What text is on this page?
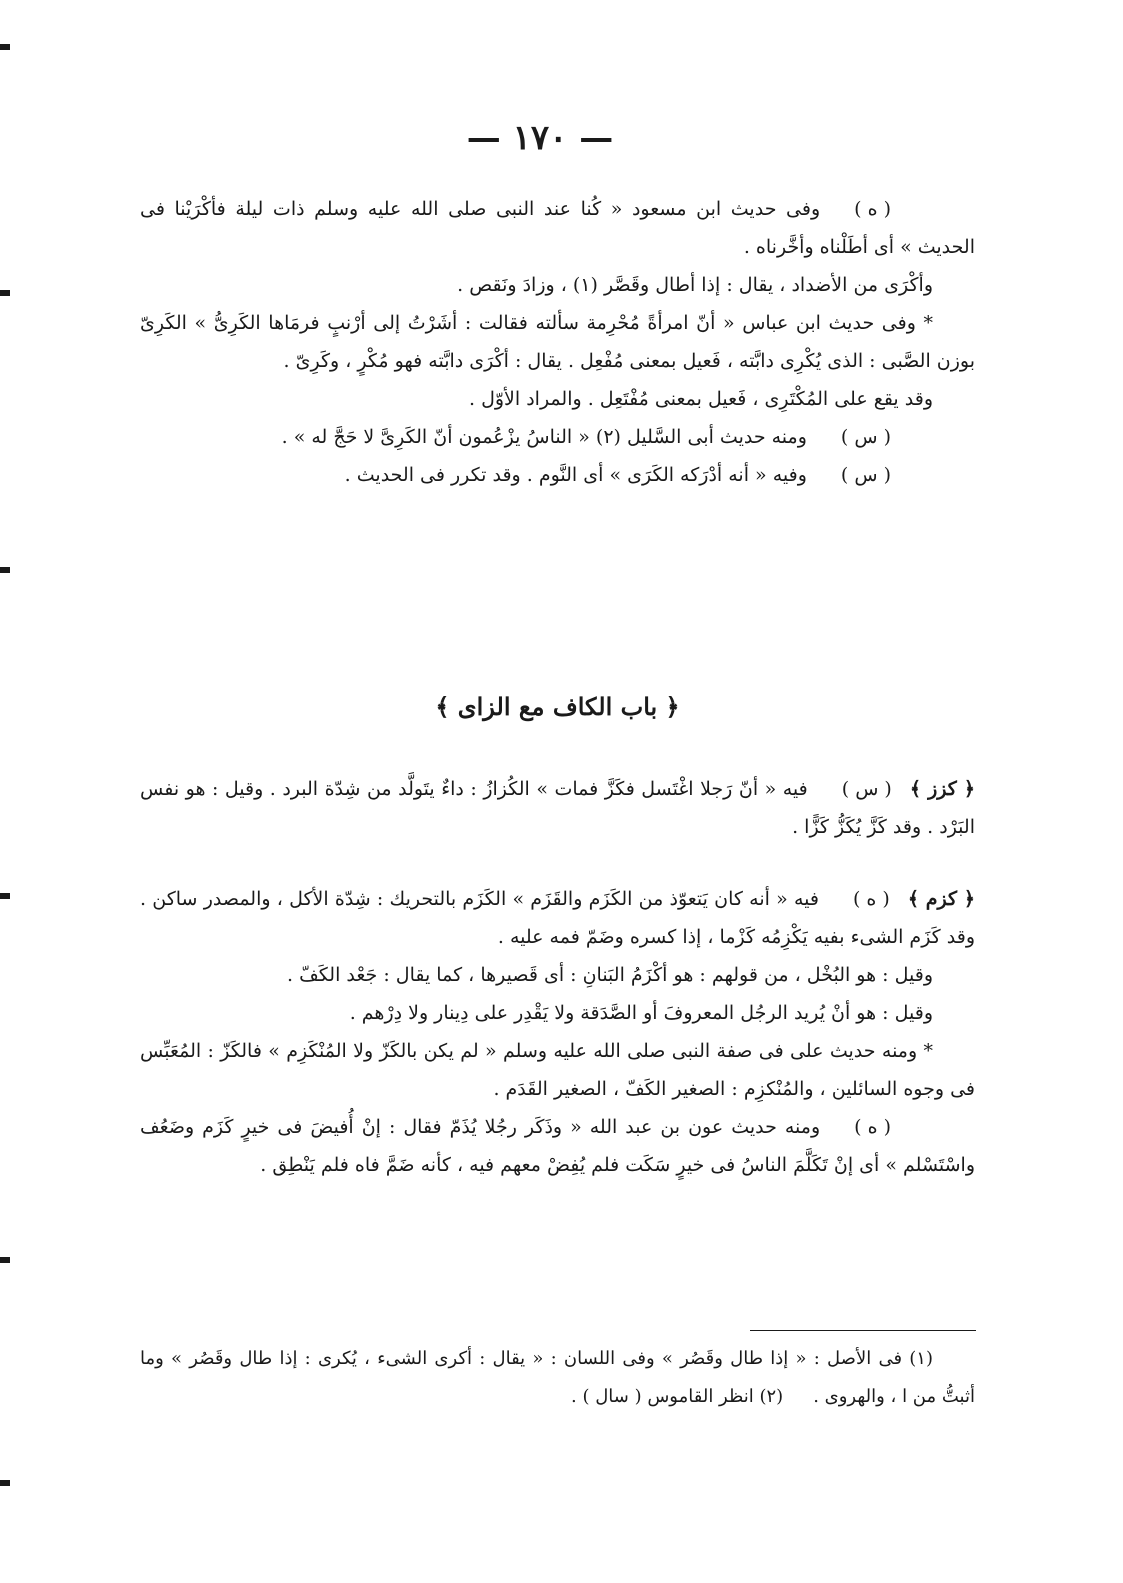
— ١٧٠ —

( ه )وفى حديث ابن مسعود « كُنا عند النبى صلى الله عليه وسلم ذات ليلة فأكْرَيْنا فى الحديث » أى أطَلْناه وأخَّرناه .

وأكْرَى من الأضداد ، يقال : إذا أطال وقَصَّر (١) ، وزادَ ونَقص .

* وفى حديث ابن عباس « أنّ امرأةً مُحْرِمة سألته فقالت : أشَرْتُ إلى أرْنبٍ فرمَاها الكَرِىُّ » الكَرِىّ بوزن الصَّبى : الذى يُكْرِى دابَّته ، فَعيل بمعنى مُفْعِل . يقال : أكْرَى دابَّته فهو مُكْرٍ ، وكَرِىّ .

وقد يقع على المُكْتَرِى ، فَعيل بمعنى مُفْتَعِل . والمراد الأوّل .

( س )ومنه حديث أبى السَّليل (٢) « الناسُ يزْعُمون أنّ الكَرِىَّ لا حَجَّ له » .

( س )وفيه « أنه أدْرَكه الكَرَى » أى النَّوم . وقد تكرر فى الحديث .

﴿ باب الكاف مع الزاى ﴾

﴿ كزز ﴾( س )فيه « أنّ رَجلا اغْتَسل فكَزَّ فمات » الكُزازُ : داءٌ يتَولَّد من شِدّة البرد . وقيل : هو نفس البَرْد . وقد كَزَّ يُكَزُّ كَزًّا .

﴿ كزم ﴾( ه )فيه « أنه كان يَتعوّذ من الكَزَم والقَزَم » الكَزَم بالتحريك : شِدّة الأكل ، والمصدر ساكن . وقد كَزَم الشىء بفيه يَكْزِمُه كَزْما ، إذا كسره وضَمّ فمه عليه .

وقيل : هو البُخْل ، من قولهم : هو أكْزَمُ البَنانِ : أى قَصيرها ، كما يقال : جَعْد الكَفّ .

وقيل : هو أنْ يُريد الرجُل المعروفَ أو الصَّدَقة ولا يَقْدِر على دِينار ولا دِرْهم .

* ومنه حديث على فى صفة النبى صلى الله عليه وسلم « لم يكن بالكَزّ ولا المُنْكَزِم » فالكَزّ : المُعَبِّس فى وجوه السائلين ، والمُنْكزِم : الصغير الكَفّ ، الصغير القَدَم .

( ه )ومنه حديث عون بن عبد الله « وذَكَر رجُلا يُذَمّ فقال : إنْ أُفيضَ فى خيرٍ كَزَم وضَعُف واسْتَسْلم » أى إنْ تَكَلَّمَ الناسُ فى خيرٍ سَكَت فلم يُفِضْ معهم فيه ، كأنه ضَمَّ فاه فلم يَنْطِق .

(١) فى الأصل : « إذا طال وقَصُر » وفى اللسان : « يقال : أكرى الشىء ، يُكرى : إذا طال وقَصُر » وما أثبتُّ من ا ، والهروى .(٢) انظر القاموس ( سال ) .
